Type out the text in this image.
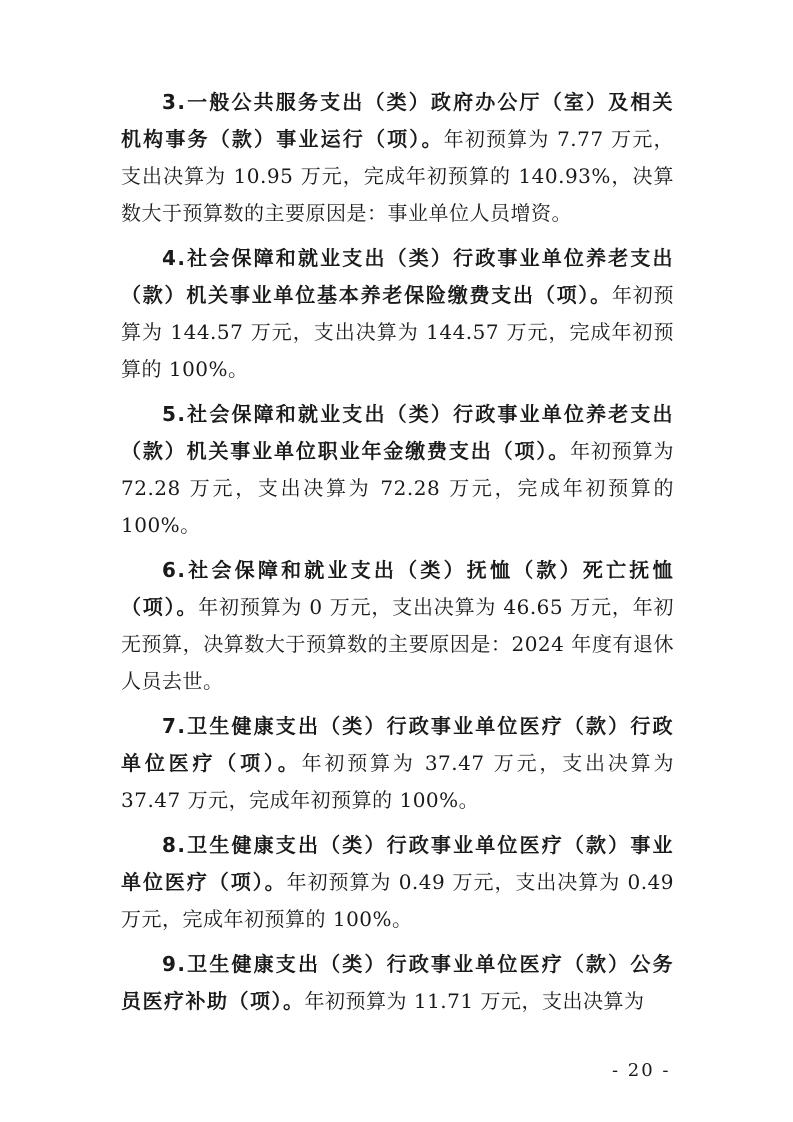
3.一般公共服务支出（类）政府办公厅（室）及相关机构事务（款）事业运行（项）。年初预算为 7.77 万元，支出决算为 10.95 万元，完成年初预算的 140.93%，决算数大于预算数的主要原因是：事业单位人员增资。

4.社会保障和就业支出（类）行政事业单位养老支出（款）机关事业单位基本养老保险缴费支出（项）。年初预算为 144.57 万元，支出决算为 144.57 万元，完成年初预算的 100%。

5.社会保障和就业支出（类）行政事业单位养老支出（款）机关事业单位职业年金缴费支出（项）。年初预算为 72.28 万元，支出决算为 72.28 万元，完成年初预算的 100%。

6.社会保障和就业支出（类）抚恤（款）死亡抚恤（项）。年初预算为 0 万元，支出决算为 46.65 万元，年初无预算，决算数大于预算数的主要原因是：2024 年度有退休人员去世。

7.卫生健康支出（类）行政事业单位医疗（款）行政单位医疗（项）。年初预算为 37.47 万元，支出决算为 37.47 万元，完成年初预算的 100%。

8.卫生健康支出（类）行政事业单位医疗（款）事业单位医疗（项）。年初预算为 0.49 万元，支出决算为 0.49 万元，完成年初预算的 100%。

9.卫生健康支出（类）行政事业单位医疗（款）公务员医疗补助（项）。年初预算为 11.71 万元，支出决算为

- 20 -
